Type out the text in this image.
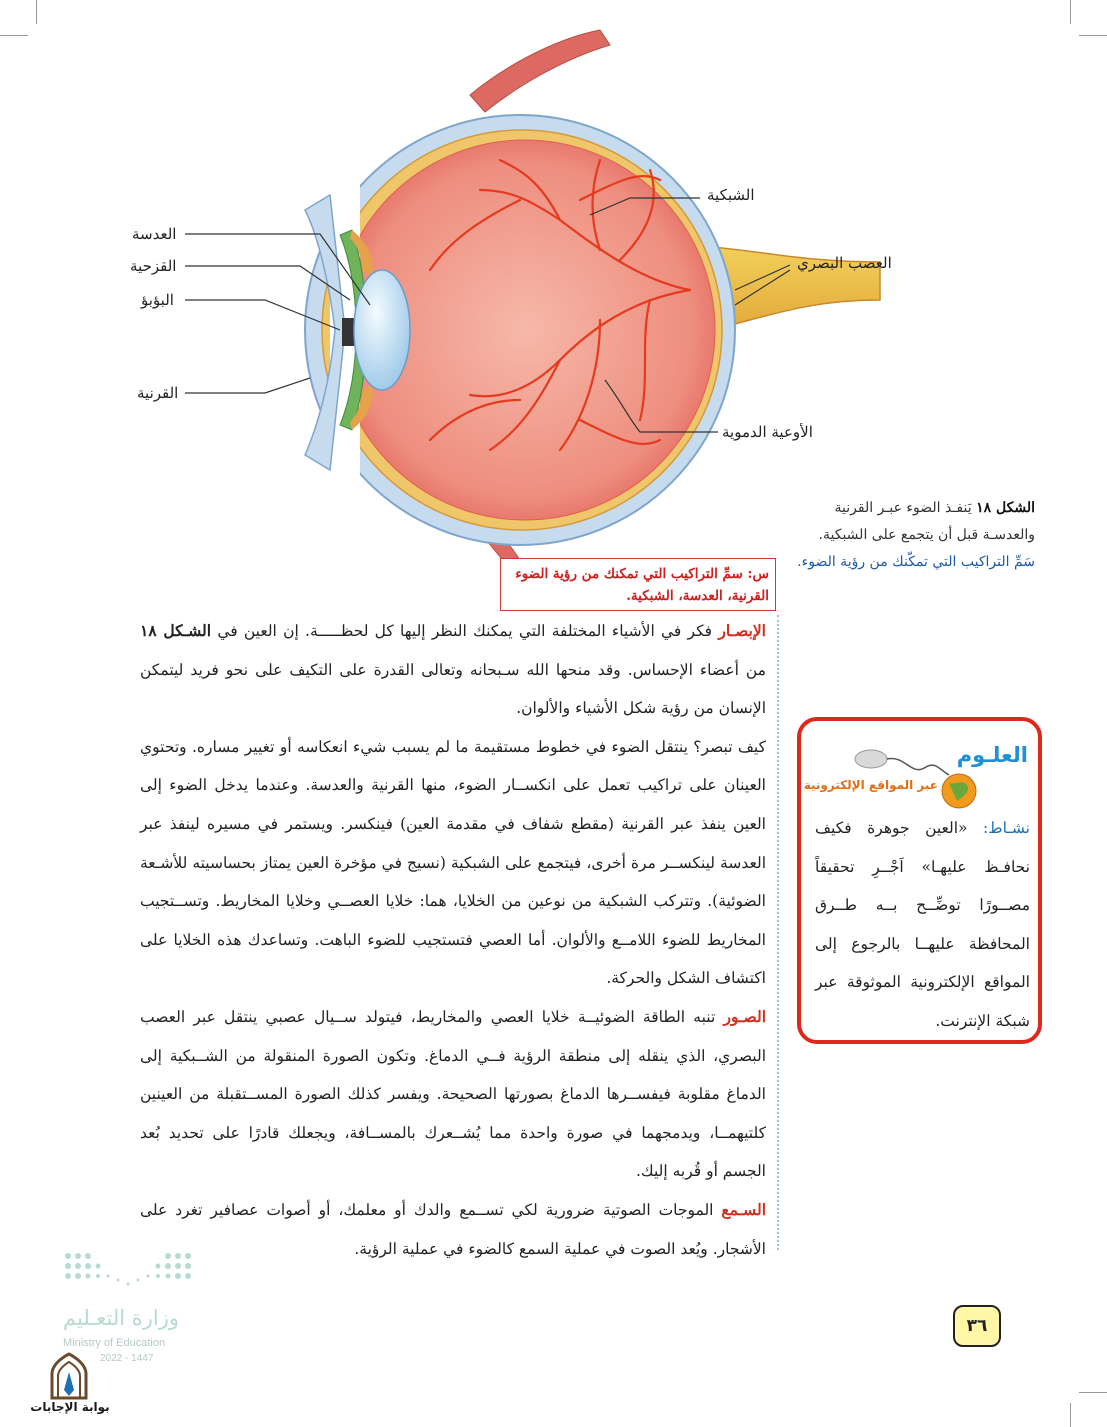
الشبكية
العصب البصري
الأوعية الدموية
العدسة
القزحية
البؤبؤ
القرنية
الشكل ١٨ يَنفـذ الضوء عبـر القرنية والعدسـة قبل أن يتجمع على الشبكية.
سَمِّ التراكيب التي تمكّنك من رؤية الضوء.
س: سمِّ التراكيب التي تمكنك من رؤية الضوء
القرنية، العدسة، الشبكية.
الإبصـار فكر في الأشياء المختلفة التي يمكنك النظر إليها كل لحظـــــة. إن العين في الشـكل ١٨ من أعضاء الإحساس. وقد منحها الله سـبحانه وتعالى القدرة على التكيف على نحو فريد ليتمكن الإنسان من رؤية شكل الأشياء والألوان.
كيف تبصر؟ ينتقل الضوء في خطوط مستقيمة ما لم يسبب شيء انعكاسه أو تغيير مساره. وتحتوي العينان على تراكيب تعمل على انكســار الضوء، منها القرنية والعدسة. وعندما يدخل الضوء إلى العين ينفذ عبر القرنية (مقطع شفاف في مقدمة العين) فينكسر. ويستمر في مسيره لينفذ عبر العدسة لينكســر مرة أخرى، فيتجمع على الشبكية (نسيج في مؤخرة العين يمتاز بحساسيته للأشـعة الضوئية). وتتركب الشبكية من نوعين من الخلايا، هما: خلايا العصــي وخلايا المخاريط. وتســتجيب المخاريط للضوء اللامــع والألوان. أما العصي فتستجيب للضوء الباهت. وتساعدك هذه الخلايا على اكتشاف الشكل والحركة.
الصـور تنبه الطاقة الضوئيــة خلايا العصي والمخاريط، فيتولد ســيال عصبي ينتقل عبر العصب البصري، الذي ينقله إلى منطقة الرؤية فــي الدماغ. وتكون الصورة المنقولة من الشــبكية إلى الدماغ مقلوبة فيفســرها الدماغ بصورتها الصحيحة. ويفسر كذلك الصورة المســتقبلة من العينين كلتيهمــا، ويدمجهما في صورة واحدة مما يُشــعرك بالمســافة، ويجعلك قادرًا على تحديد بُعد الجسم أو قُربه إليك.
السـمع الموجات الصوتية ضرورية لكي تســمع والدك أو معلمك، أو أصوات عصافير تغرد على الأشجار. ويُعد الصوت في عملية السمع كالضوء في عملية الرؤية.
العلـوم
عبر المواقع الإلكترونية
نشـاط: «العين جوهرة فكيف نحافـظ عليهـا» اَجْــرِ تحقيقاً مصــورًا توضِّــح بــه طــرق المحافظة عليهــا بالرجوع إلى المواقع الإلكترونية الموثوقة عبر شبكة الإنترنت.
٣٦
وزارة التعـليم
Ministry of Education
2022 - 1447
بوابة الإجابات
